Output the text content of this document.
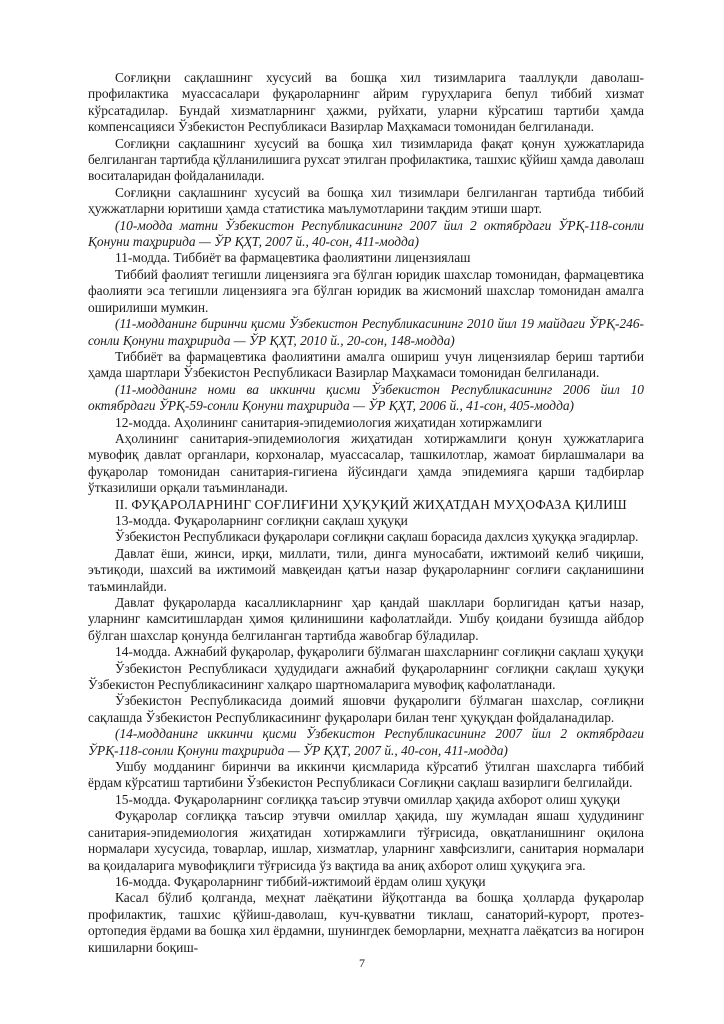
Соғлиқни сақлашнинг хусусий ва бошқа хил тизимларига тааллуқли даволаш-профилактика муассасалари фуқароларнинг айрим гуруҳларига бепул тиббий хизмат кўрсатадилар. Бундай хизматларнинг ҳажми, руйхати, уларни кўрсатиш тартиби ҳамда компенсацияси Ўзбекистон Республикаси Вазирлар Маҳкамаси томонидан белгиланади.
Соғлиқни сақлашнинг хусусий ва бошқа хил тизимларида фақат қонун ҳужжатларида белгиланган тартибда қўлланилишига рухсат этилган профилактика, ташхис қўйиш ҳамда даволаш воситаларидан фойдаланилади.
Соғлиқни сақлашнинг хусусий ва бошқа хил тизимлари белгиланган тартибда тиббий ҳужжатларни юритиши ҳамда статистика маълумотларини тақдим этиши шарт.
(10-модда матни Ўзбекистон Республикасининг 2007 йил 2 октябрдаги ЎРҚ-118-сонли Қонуни таҳририда — ЎР ҚҲТ, 2007 й., 40-сон, 411-модда)
11-модда. Тиббиёт ва фармацевтика фаолиятини лицензиялаш
Тиббий фаолият тегишли лицензияга эга бўлган юридик шахслар томонидан, фармацевтика фаолияти эса тегишли лицензияга эга бўлган юридик ва жисмоний шахслар томонидан амалга оширилиши мумкин.
(11-модданинг биринчи қисми Ўзбекистон Республикасининг 2010 йил 19 майдаги ЎРҚ-246-сонли Қонуни таҳририда — ЎР ҚҲТ, 2010 й., 20-сон, 148-модда)
Тиббиёт ва фармацевтика фаолиятини амалга ошириш учун лицензиялар бериш тартиби ҳамда шартлари Ўзбекистон Республикаси Вазирлар Маҳкамаси томонидан белгиланади.
(11-модданинг номи ва иккинчи қисми Ўзбекистон Республикасининг 2006 йил 10 октябрдаги ЎРҚ-59-сонли Қонуни таҳририда — ЎР ҚҲТ, 2006 й., 41-сон, 405-модда)
12-модда. Аҳолининг санитария-эпидемиология жиҳатидан хотиржамлиги
Аҳолининг санитария-эпидемиология жиҳатидан хотиржамлиги қонун ҳужжатларига мувофиқ давлат органлари, корхоналар, муассасалар, ташкилотлар, жамоат бирлашмалари ва фуқаролар томонидан санитария-гигиена йўсиндаги ҳамда эпидемияга қарши тадбирлар ўтказилиши орқали таъминланади.
II. ФУҚАРОЛАРНИНГ СОҒЛИҒИНИ ҲУҚУҚИЙ ЖИҲАТДАН МУҲОФАЗА ҚИЛИШ
13-модда. Фуқароларнинг соғлиқни сақлаш ҳуқуқи
Ўзбекистон Республикаси фуқаролари соғлиқни сақлаш борасида дахлсиз ҳуқуққа эгадирлар.
Давлат ёши, жинси, ирқи, миллати, тили, динга муносабати, ижтимоий келиб чиқиши, эътиқоди, шахсий ва ижтимоий мавқеидан қатъи назар фуқароларнинг соғлиғи сақланишини таъминлайди.
Давлат фуқароларда касалликларнинг ҳар қандай шакллари борлигидан қатъи назар, уларнинг камситишлардан ҳимоя қилинишини кафолатлайди. Ушбу қоидани бузишда айбдор бўлган шахслар қонунда белгиланган тартибда жавобгар бўладилар.
14-модда. Ажнабий фуқаролар, фуқаролиги бўлмаган шахсларнинг соғлиқни сақлаш ҳуқуқи
Ўзбекистон Республикаси ҳудудидаги ажнабий фуқароларнинг соғлиқни сақлаш ҳуқуқи Ўзбекистон Республикасининг халқаро шартномаларига мувофиқ кафолатланади.
Ўзбекистон Республикасида доимий яшовчи фуқаролиги бўлмаган шахслар, соғлиқни сақлашда Ўзбекистон Республикасининг фуқаролари билан тенг ҳуқуқдан фойдаланадилар.
(14-модданинг иккинчи қисми Ўзбекистон Республикасининг 2007 йил 2 октябрдаги ЎРҚ-118-сонли Қонуни таҳририда — ЎР ҚҲТ, 2007 й., 40-сон, 411-модда)
Ушбу модданинг биринчи ва иккинчи қисмларида кўрсатиб ўтилган шахсларга тиббий ёрдам кўрсатиш тартибини Ўзбекистон Республикаси Соғлиқни сақлаш вазирлиги белгилайди.
15-модда. Фуқароларнинг соғлиққа таъсир этувчи омиллар ҳақида ахборот олиш ҳуқуқи
Фуқаролар соғлиққа таъсир этувчи омиллар ҳақида, шу жумладан яшаш ҳудудининг санитария-эпидемиология жиҳатидан хотиржамлиги тўғрисида, овқатланишнинг оқилона нормалари хусусида, товарлар, ишлар, хизматлар, уларнинг хавфсизлиги, санитария нормалари ва қоидаларига мувофиқлиги тўғрисида ўз вақтида ва аниқ ахборот олиш ҳуқуқига эга.
16-модда. Фуқароларнинг тиббий-ижтимоий ёрдам олиш ҳуқуқи
Касал бўлиб қолганда, меҳнат лаёқатини йўқотганда ва бошқа ҳолларда фуқаролар профилактик, ташхис қўйиш-даволаш, куч-қувватни тиклаш, санаторий-курорт, протез-ортопедия ёрдами ва бошқа хил ёрдамни, шунингдек беморларни, меҳнатга лаёқатсиз ва ногирон кишиларни боқиш-
7
